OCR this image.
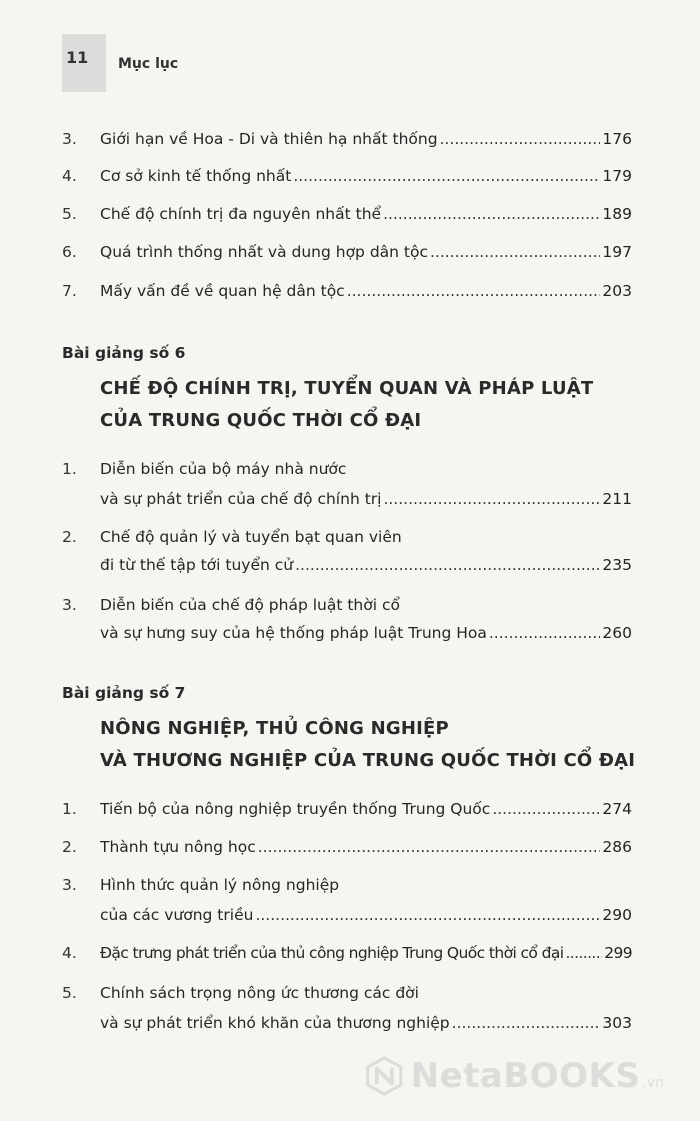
11 Mục lục
3. Giới hạn về Hoa - Di và thiên hạ nhất thống .....	176
4. Cơ sở kinh tế thống nhất .....	179
5. Chế độ chính trị đa nguyên nhất thể .....	189
6. Quá trình thống nhất và dung hợp dân tộc .....	197
7. Mấy vấn đề về quan hệ dân tộc .....	203
Bài giảng số 6
CHẾ ĐỘ CHÍNH TRỊ, TUYỂN QUAN VÀ PHÁP LUẬT
CỦA TRUNG QUỐC THỜI CỔ ĐẠI
1. Diễn biến của bộ máy nhà nước
và sự phát triển của chế độ chính trị .....	211
2. Chế độ quản lý và tuyển bạt quan viên
đi từ thế tập tới tuyển cử .....	235
3. Diễn biến của chế độ pháp luật thời cổ
và sự hưng suy của hệ thống pháp luật Trung Hoa .....	260
Bài giảng số 7
NÔNG NGHIỆP, THỦ CÔNG NGHIỆP
VÀ THƯƠNG NGHIỆP CỦA TRUNG QUỐC THỜI CỔ ĐẠI
1. Tiến bộ của nông nghiệp truyền thống Trung Quốc .....	274
2. Thành tựu nông học .....	286
3. Hình thức quản lý nông nghiệp
của các vương triều .....	290
4. Đặc trưng phát triển của thủ công nghiệp Trung Quốc thời cổ đại .....	299
5. Chính sách trọng nông ức thương các đời
và sự phát triển khó khăn của thương nghiệp .....	303
NetaBOOKS .vn
